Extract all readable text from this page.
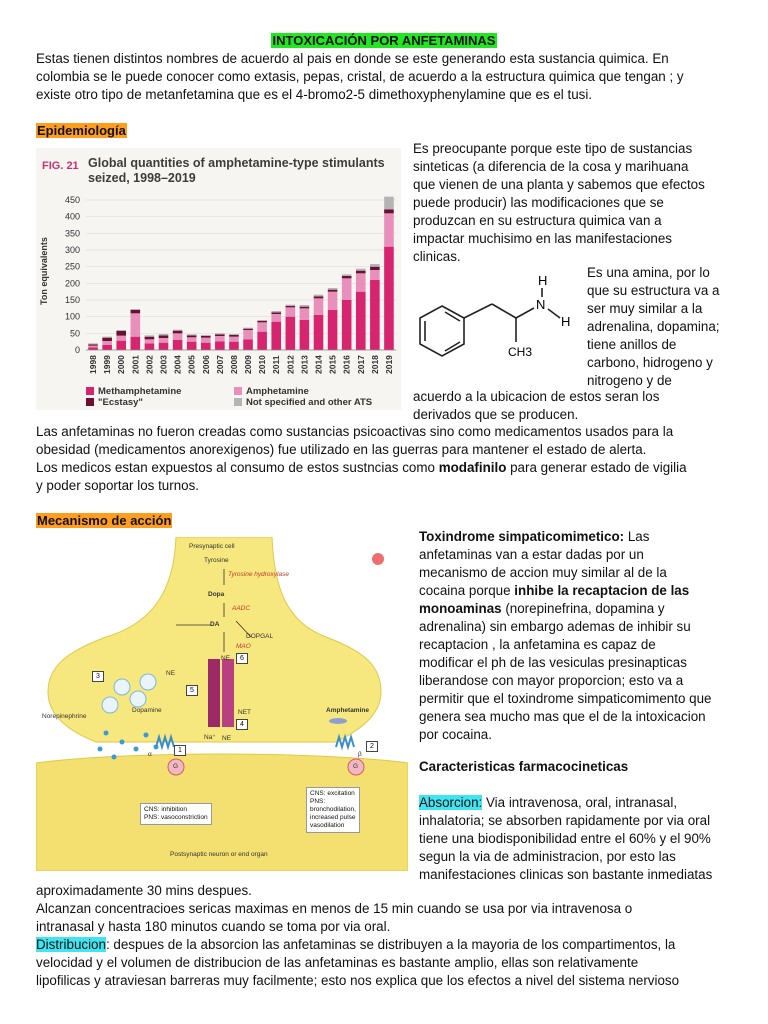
INTOXICACIÓN POR ANFETAMINAS
Estas tienen distintos nombres de acuerdo al pais en donde se este generando esta sustancia quimica. En
colombia se le puede conocer como extasis, pepas, cristal, de acuerdo a la estructura quimica que tengan ; y
existe otro tipo de metanfetamina que es el 4-bromo2-5 dimethoxyphenylamine que es el tusi.
Epidemiología
FIG. 21 Global quantities of amphetamine-type stimulants
seized, 1998–2019
0
50
100
150
200
250
300
350
400
450
Ton equivalents
1998 1999 2000 2001 2002 2003 2004 2005 2006 2007 2008 2009 2010 2011 2012 2013 2014 2015 2016 2017 2018 2019
Methamphetamine	Amphetamine
"Ecstasy"	Not specified and other ATS
Es preocupante porque este tipo de sustancias
sinteticas (a diferencia de la cosa y marihuana
que vienen de una planta y sabemos que efectos
puede producir) las modificaciones que se
produzcan en su estructura quimica van a
impactar muchisimo en las manifestaciones
clinicas.
H
N
H
CH3
Es una amina, por lo
que su estructura va a
ser muy similar a la
adrenalina, dopamina;
tiene anillos de
carbono, hidrogeno y
nitrogeno y de
acuerdo a la ubicacion de estos seran los
derivados que se producen.
Las anfetaminas no fueron creadas como sustancias psicoactivas sino como medicamentos usados para la
obesidad (medicamentos anorexigenos) fue utilizado en las guerras para mantener el estado de alerta.
Los medicos estan expuestos al consumo de estos sustncias como modafinilo para generar estado de vigilia
y poder soportar los turnos.
Mecanismo de acción
Presynaptic cell
Tyrosine
Tyrosine hydroxylase
Dopa
AADC
DA
DOPGAL
MAO
NE
NE
Norepinephrine
Dopamine	NET
Na⁺ NE
Amphetamine
α	β
G	G
1
2
3
4
5
6
CNS: inhibition
PNS: vasoconstriction
CNS: excitation
PNS:
bronchodilation,
increased pulse
vasodilation
Postsynaptic neuron or end organ
Toxindrome simpaticomimetico: Las
anfetaminas van a estar dadas por un
mecanismo de accion muy similar al de la
cocaina porque inhibe la recaptacion de las
monoaminas (norepinefrina, dopamina y
adrenalina) sin embargo ademas de inhibir su
recaptacion , la anfetamina es capaz de
modificar el ph de las vesiculas presinapticas
liberandose con mayor proporcion; esto va a
permitir que el toxindrome simpaticomimento que
genera sea mucho mas que el de la intoxicacion
por cocaina.
Caracteristicas farmacocineticas
Absorcion: Via intravenosa, oral, intranasal,
inhalatoria; se absorben rapidamente por via oral
tiene una biodisponibilidad entre el 60% y el 90%
segun la via de administracion, por esto las
manifestaciones clinicas son bastante inmediatas
aproximadamente 30 mins despues.
Alcanzan concentracioes sericas maximas en menos de 15 min cuando se usa por via intravenosa o
intranasal y hasta 180 minutos cuando se toma por via oral.
Distribucion: despues de la absorcion las anfetaminas se distribuyen a la mayoria de los compartimentos, la
velocidad y el volumen de distribucion de las anfetaminas es bastante amplio, ellas son relativamente
lipofilicas y atraviesan barreras muy facilmente; esto nos explica que los efectos a nivel del sistema nervioso
